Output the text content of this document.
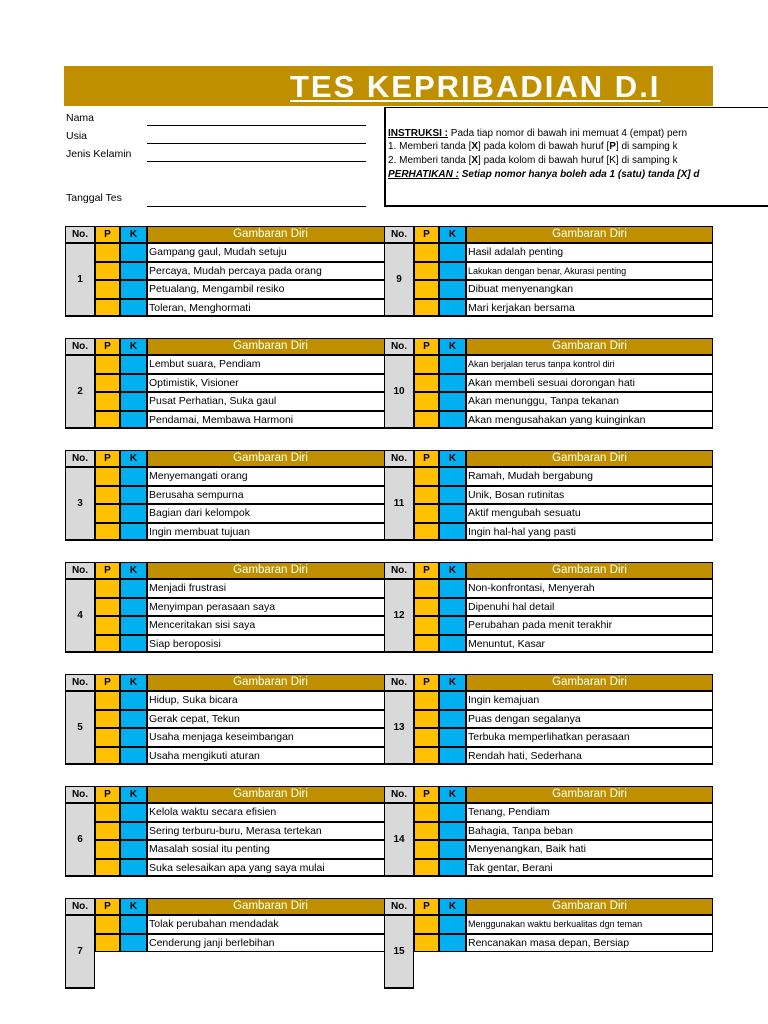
TES KEPRIBADIAN D.I
Nama
Usia
Jenis Kelamin
Tanggal Tes
INSTRUKSI : Pada tiap nomor di bawah ini memuat 4 (empat) pern
1. Memberi tanda [X] pada kolom di bawah huruf [P] di samping k
2. Memberi tanda [X] pada kolom di bawah huruf [K] di samping k
PERHATIKAN : Setiap nomor hanya boleh ada 1 (satu) tanda [X] d
No.	P	K	Gambaran Diri
1
Gampang gaul, Mudah setuju
Percaya, Mudah percaya pada orang
Petualang, Mengambil resiko
Toleran, Menghormati
No.	P	K	Gambaran Diri
9
Hasil adalah penting
Lakukan dengan benar, Akurasi penting
Dibuat menyenangkan
Mari kerjakan bersama
No.	P	K	Gambaran Diri
2
Lembut suara, Pendiam
Optimistik, Visioner
Pusat Perhatian, Suka gaul
Pendamai, Membawa Harmoni
No.	P	K	Gambaran Diri
10
Akan berjalan terus tanpa kontrol diri
Akan membeli sesuai dorongan hati
Akan menunggu, Tanpa tekanan
Akan mengusahakan yang kuinginkan
No.	P	K	Gambaran Diri
3
Menyemangati orang
Berusaha sempurna
Bagian dari kelompok
Ingin membuat tujuan
No.	P	K	Gambaran Diri
11
Ramah, Mudah bergabung
Unik, Bosan rutinitas
Aktif mengubah sesuatu
Ingin hal-hal yang pasti
No.	P	K	Gambaran Diri
4
Menjadi frustrasi
Menyimpan perasaan saya
Menceritakan sisi saya
Siap beroposisi
No.	P	K	Gambaran Diri
12
Non-konfrontasi, Menyerah
Dipenuhi hal detail
Perubahan pada menit terakhir
Menuntut, Kasar
No.	P	K	Gambaran Diri
5
Hidup, Suka bicara
Gerak cepat, Tekun
Usaha menjaga keseimbangan
Usaha mengikuti aturan
No.	P	K	Gambaran Diri
13
Ingin kemajuan
Puas dengan segalanya
Terbuka memperlihatkan perasaan
Rendah hati, Sederhana
No.	P	K	Gambaran Diri
6
Kelola waktu secara efisien
Sering terburu-buru, Merasa tertekan
Masalah sosial itu penting
Suka selesaikan apa yang saya mulai
No.	P	K	Gambaran Diri
14
Tenang, Pendiam
Bahagia, Tanpa beban
Menyenangkan, Baik hati
Tak gentar, Berani
No.	P	K	Gambaran Diri
7
Tolak perubahan mendadak
Cenderung janji berlebihan
No.	P	K	Gambaran Diri
15
Menggunakan waktu berkualitas dgn teman
Rencanakan masa depan, Bersiap
